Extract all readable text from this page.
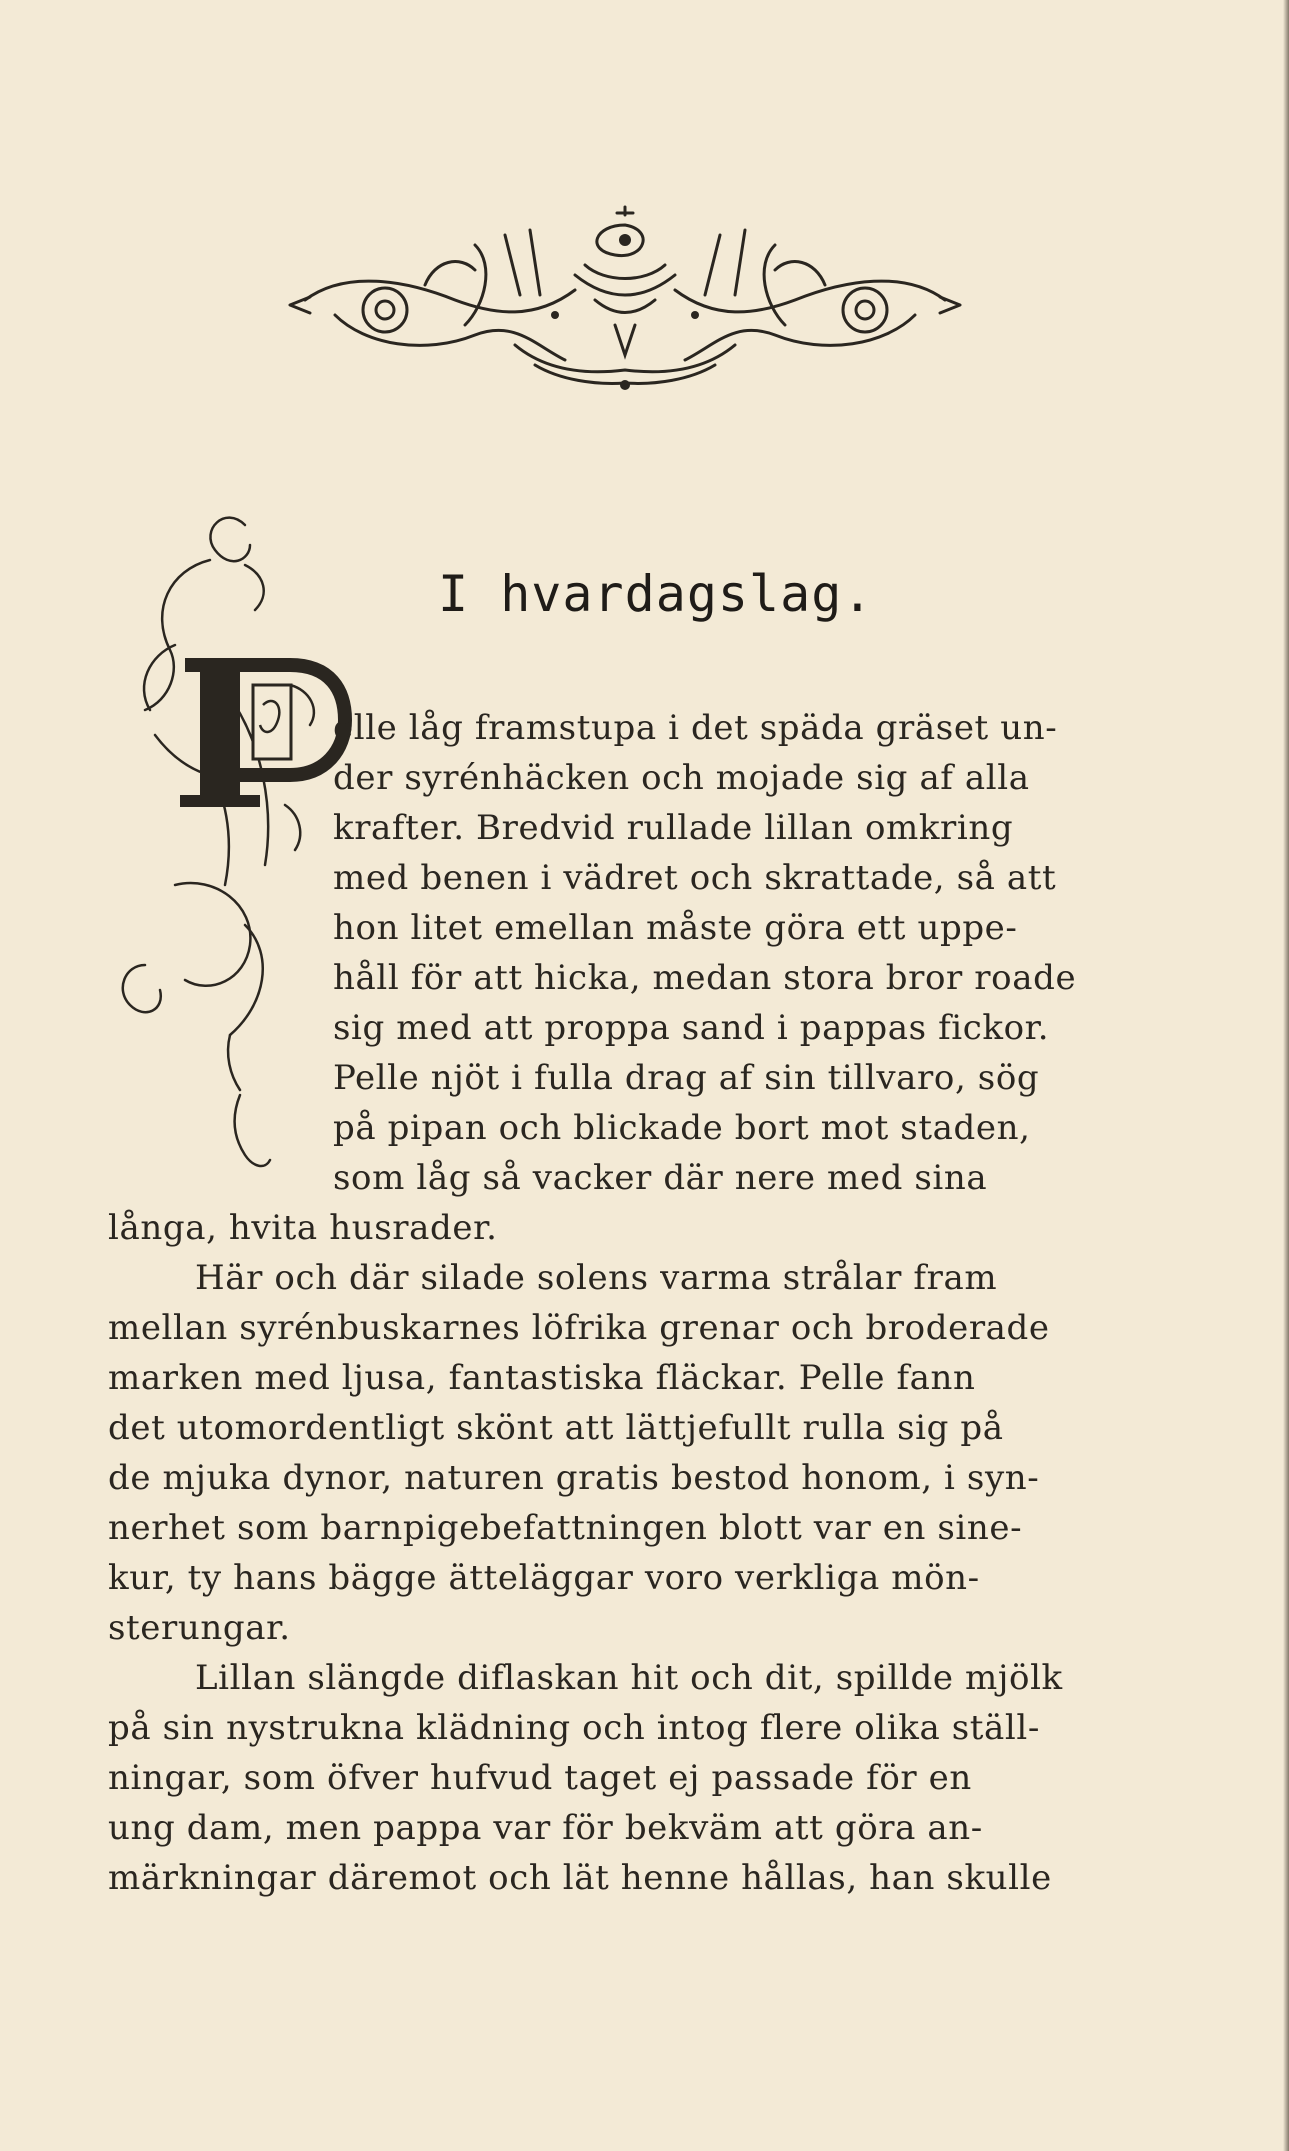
I hvardagslag.
P

elle låg framstupa i det späda gräset un-

der syrénhäcken och mojade sig af alla

krafter. Bredvid rullade lillan omkring

med benen i vädret och skrattade, så att

hon litet emellan måste göra ett uppe-

håll för att hicka, medan stora bror roade

sig med att proppa sand i pappas fickor.

Pelle njöt i fulla drag af sin tillvaro, sög

på pipan och blickade bort mot staden,

som låg så vacker där nere med sina

långa, hvita husrader.

Här och där silade solens varma strålar fram

mellan syrénbuskarnes löfrika grenar och broderade

marken med ljusa, fantastiska fläckar. Pelle fann

det utomordentligt skönt att lättjefullt rulla sig på

de mjuka dynor, naturen gratis bestod honom, i syn-

nerhet som barnpigebefattningen blott var en sine-

kur, ty hans bägge ätteläggar voro verkliga mön-

sterungar.

Lillan slängde diflaskan hit och dit, spillde mjölk

på sin nystrukna klädning och intog flere olika ställ-

ningar, som öfver hufvud taget ej passade för en

ung dam, men pappa var för bekväm att göra an-

märkningar däremot och lät henne hållas, han skulle
